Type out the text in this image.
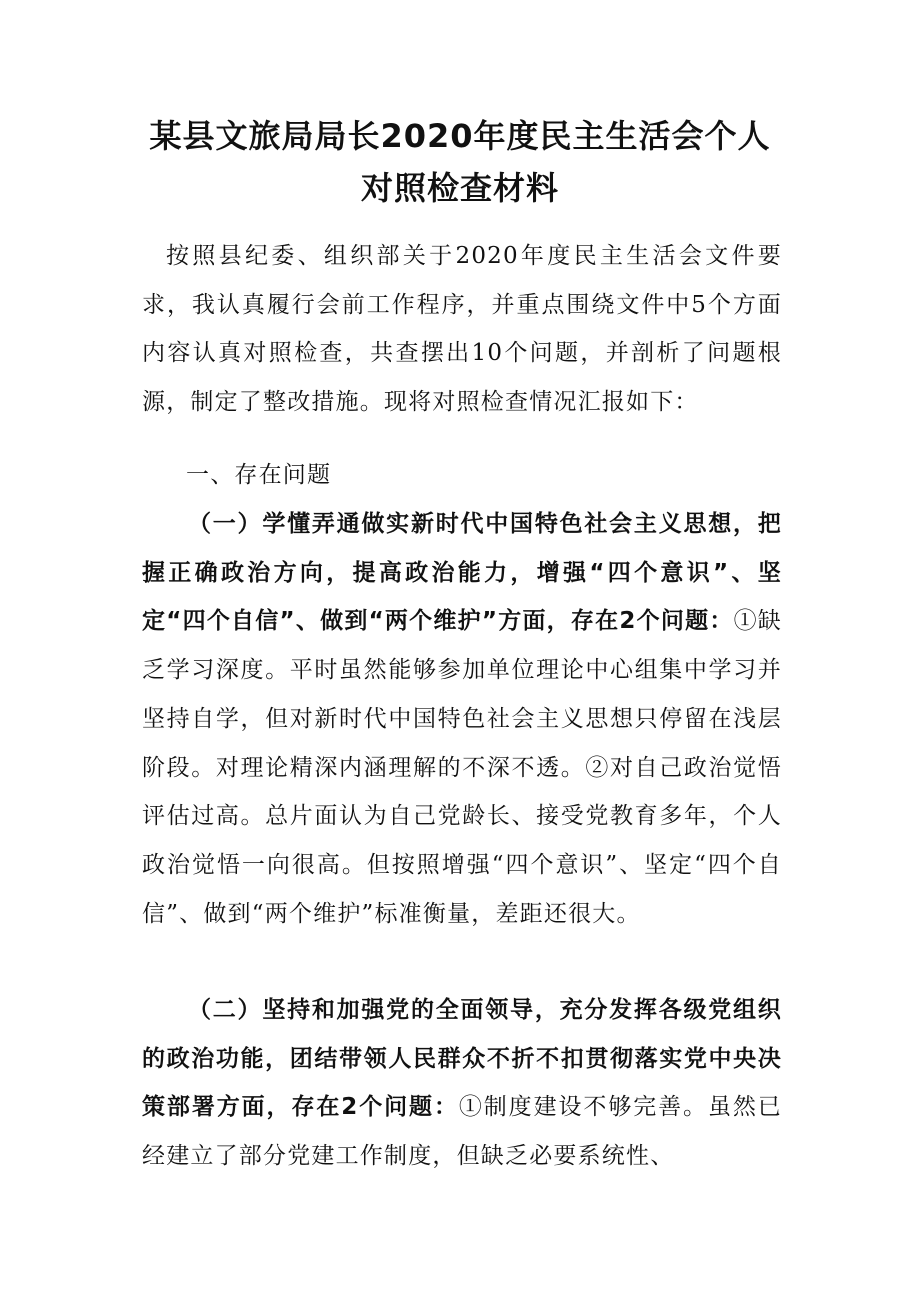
某县文旅局局长2020年度民主生活会个人
对照检查材料

按照县纪委、组织部关于2020年度民主生活会文件要求，我认真履行会前工作程序，并重点围绕文件中5个方面内容认真对照检查，共查摆出10个问题，并剖析了问题根源，制定了整改措施。现将对照检查情况汇报如下：

一、存在问题

（一）学懂弄通做实新时代中国特色社会主义思想，把握正确政治方向，提高政治能力，增强“四个意识”、坚定“四个自信”、做到“两个维护”方面，存在2个问题：①缺乏学习深度。平时虽然能够参加单位理论中心组集中学习并坚持自学，但对新时代中国特色社会主义思想只停留在浅层阶段。对理论精深内涵理解的不深不透。②对自己政治觉悟评估过高。总片面认为自己党龄长、接受党教育多年，个人政治觉悟一向很高。但按照增强“四个意识”、坚定“四个自信”、做到“两个维护”标准衡量，差距还很大。

（二）坚持和加强党的全面领导，充分发挥各级党组织的政治功能，团结带领人民群众不折不扣贯彻落实党中央决策部署方面，存在2个问题：①制度建设不够完善。虽然已经建立了部分党建工作制度，但缺乏必要系统性、
